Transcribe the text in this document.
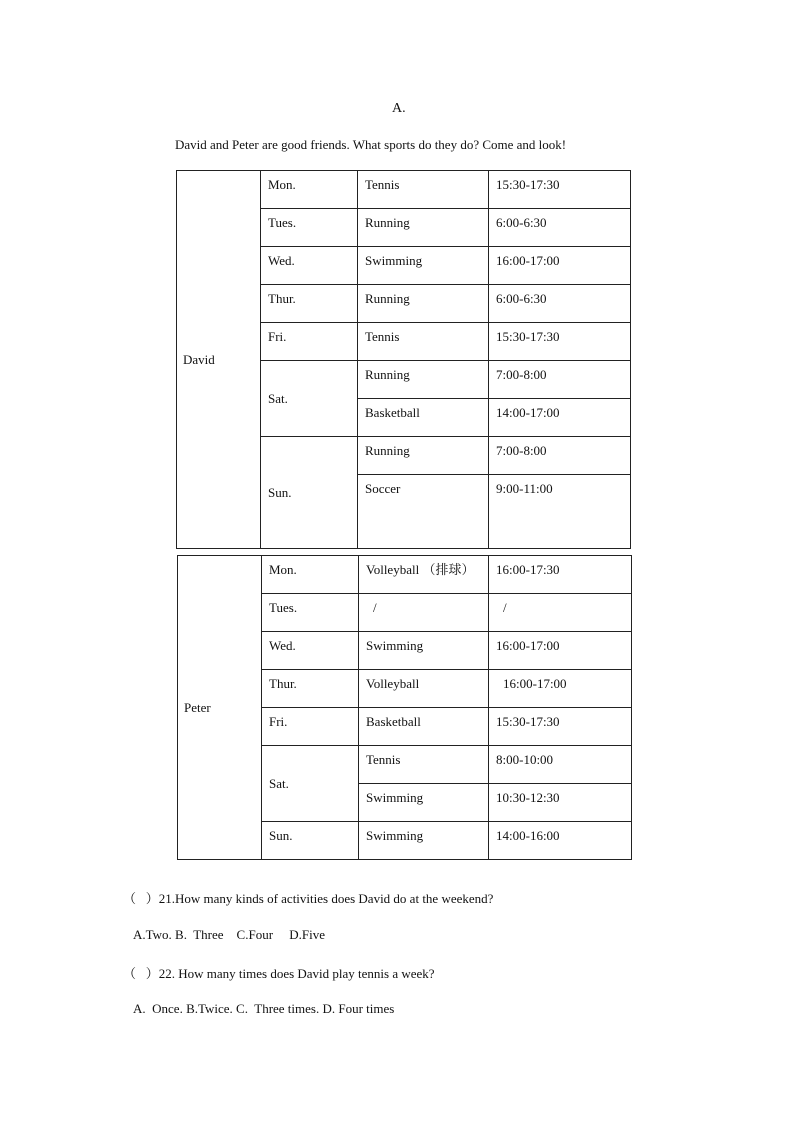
A.
David and Peter are good friends. What sports do they do? Come and look!
David	Mon.	Tennis	15:30-17:30
	Tues.	Running	6:00-6:30
	Wed.	Swimming	16:00-17:00
	Thur.	Running	6:00-6:30
	Fri.	Tennis	15:30-17:30
	Sat.	Running	7:00-8:00
		Basketball	14:00-17:00
	Sun.	Running	7:00-8:00
		Soccer	9:00-11:00
Peter	Mon.	Volleyball （排球）	16:00-17:30
	Tues.	/	/
	Wed.	Swimming	16:00-17:00
	Thur.	Volleyball	16:00-17:00
	Fri.	Basketball	15:30-17:30
	Sat.	Tennis	8:00-10:00
		Swimming	10:30-12:30
	Sun.	Swimming	14:00-16:00
（   ）21.How many kinds of activities does David do at the weekend?
A.Two. B.  Three    C.Four     D.Five
（   ）22. How many times does David play tennis a week?
A.  Once. B.Twice. C.  Three times. D. Four times
